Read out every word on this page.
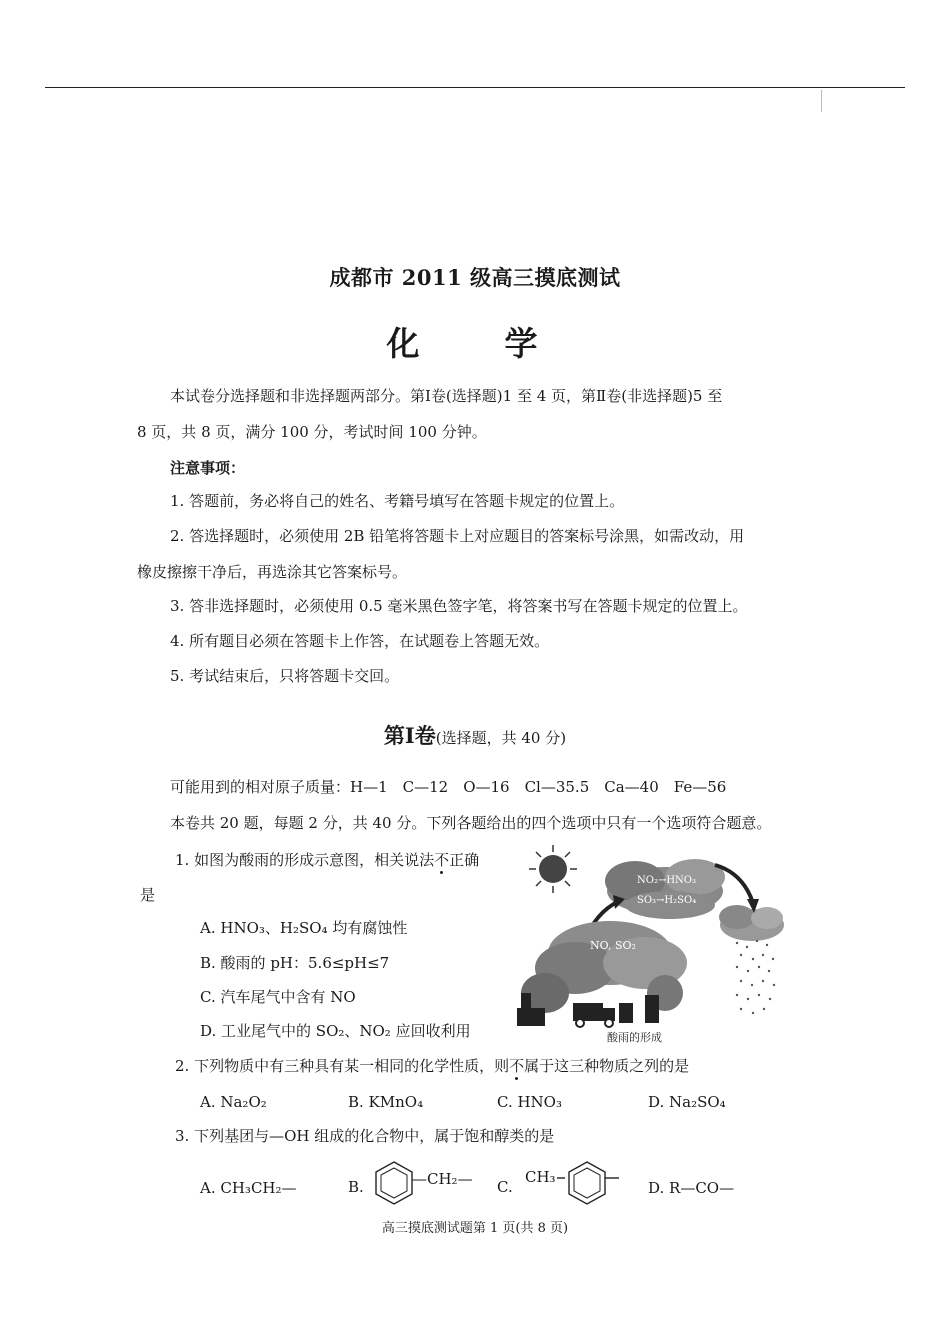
成都市 2011 级高三摸底测试
化　学
本试卷分选择题和非选择题两部分。第Ⅰ卷(选择题)1 至 4 页，第Ⅱ卷(非选择题)5 至
8 页，共 8 页，满分 100 分，考试时间 100 分钟。
注意事项：
1. 答题前，务必将自己的姓名、考籍号填写在答题卡规定的位置上。
2. 答选择题时，必须使用 2B 铅笔将答题卡上对应题目的答案标号涂黑，如需改动，用
橡皮擦擦干净后，再选涂其它答案标号。
3. 答非选择题时，必须使用 0.5 毫米黑色签字笔，将答案书写在答题卡规定的位置上。
4. 所有题目必须在答题卡上作答，在试题卷上答题无效。
5. 考试结束后，只将答题卡交回。
第Ⅰ卷(选择题，共 40 分)
可能用到的相对原子质量：H—1　C—12　O—16　Cl—35.5　Ca—40　Fe—56
本卷共 20 题，每题 2 分，共 40 分。下列各题给出的四个选项中只有一个选项符合题意。
1. 如图为酸雨的形成示意图，相关说法不正确
是
A. HNO₃、H₂SO₄ 均有腐蚀性
B. 酸雨的 pH：5.6≤pH≤7
C. 汽车尾气中含有 NO
D. 工业尾气中的 SO₂、NO₂ 应回收利用
NO₂→HNO₃
SO₃→H₂SO₄
NO, SO₂
酸雨的形成
2. 下列物质中有三种具有某一相同的化学性质，则不属于这三种物质之列的是
A. Na₂O₂	B. KMnO₄	C. HNO₃	D. Na₂SO₄
3. 下列基团与—OH 组成的化合物中，属于饱和醇类的是
A. CH₃CH₂—	B.	—CH₂— C.
CH₃
D. R—CO—
高三摸底测试题第 1 页(共 8 页)
